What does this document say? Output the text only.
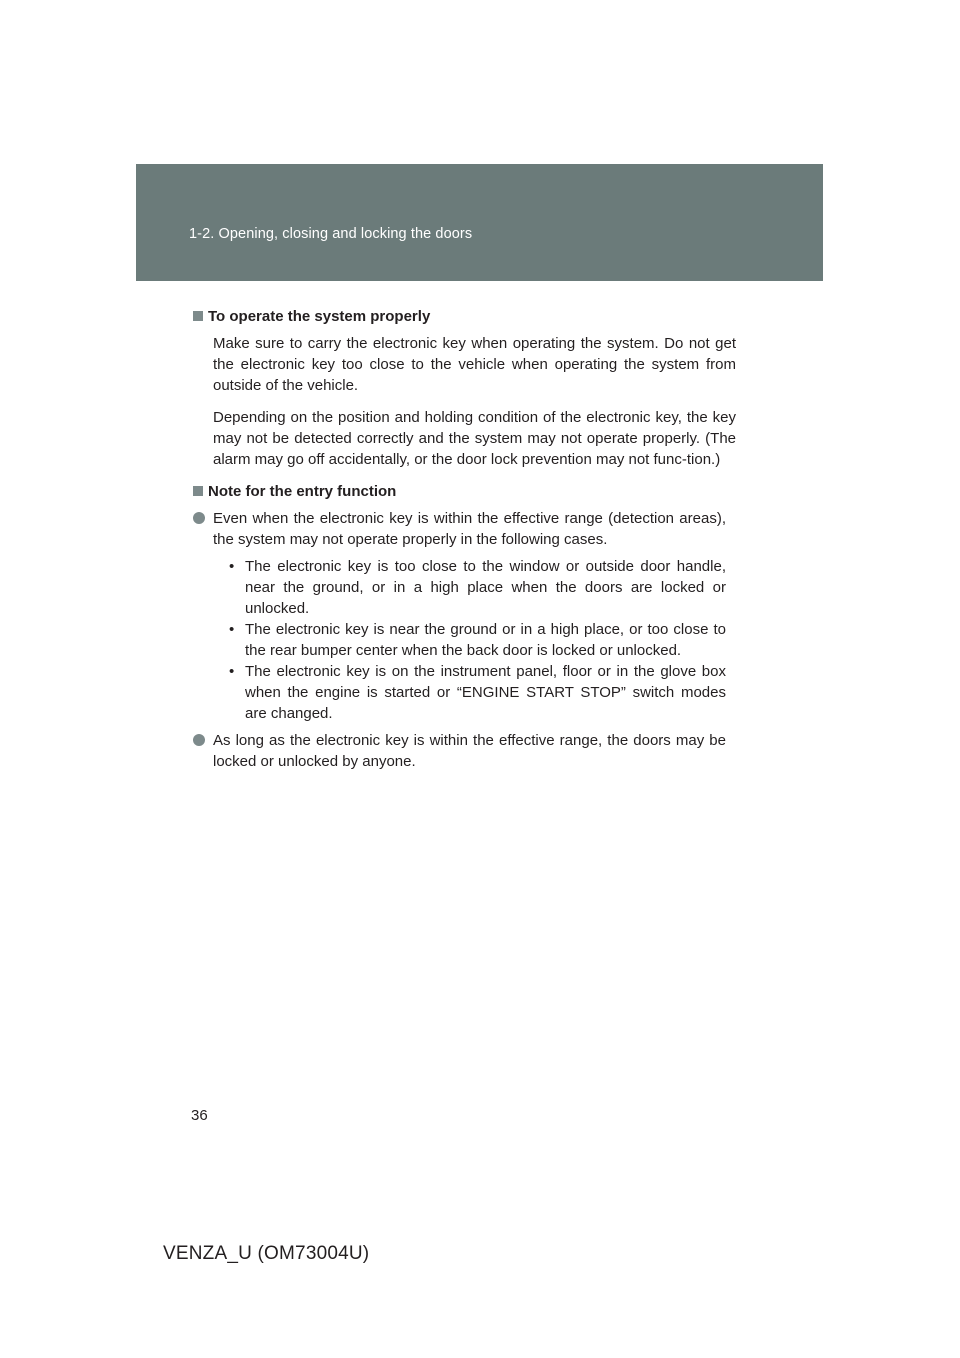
1-2. Opening, closing and locking the doors
To operate the system properly

Make sure to carry the electronic key when operating the system. Do not get the electronic key too close to the vehicle when operating the system from outside of the vehicle.

Depending on the position and holding condition of the electronic key, the key may not be detected correctly and the system may not operate properly. (The alarm may go off accidentally, or the door lock prevention may not func-tion.)

Note for the entry function
Even when the electronic key is within the effective range (detection areas), the system may not operate properly in the following cases.
• The electronic key is too close to the window or outside door handle, near the ground, or in a high place when the doors are locked or unlocked.
• The electronic key is near the ground or in a high place, or too close to the rear bumper center when the back door is locked or unlocked.
• The electronic key is on the instrument panel, floor or in the glove box when the engine is started or “ENGINE START STOP” switch modes are changed.
As long as the electronic key is within the effective range, the doors may be locked or unlocked by anyone.
36
VENZA_U (OM73004U)
